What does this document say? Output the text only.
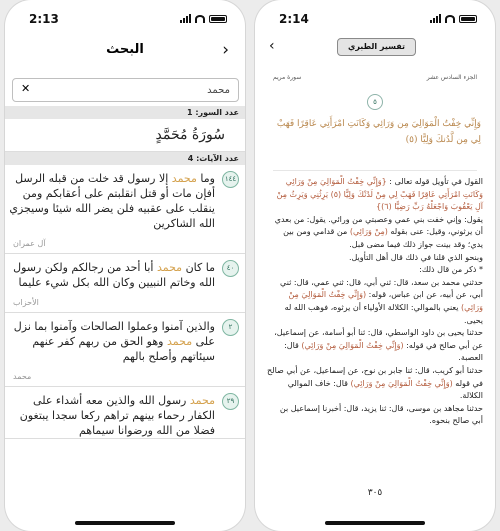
2:13
البحث	›
✕
محمد
عدد السور: 1
سُورَةُ مُحَمَّدٍ
عدد الآيات: 4
١٤٤
وما محمد إلا رسول قد خلت من قبله الرسل أفإن مات أو قتل انقلبتم على أعقابكم ومن ينقلب على عقبيه فلن يضر الله شيئا وسيجزي الله الشاكرين
آل عمران
٤٠
ما كان محمد أبا أحد من رجالكم ولكن رسول الله وخاتم النبيين وكان الله بكل شيء عليما
الأحزاب
٢
والذين آمنوا وعملوا الصالحات وآمنوا بما نزل على محمد وهو الحق من ربهم كفر عنهم سيئاتهم وأصلح بالهم
محمد
٢٩
محمد رسول الله والذين معه أشداء على الكفار رحماء بينهم تراهم ركعا سجدا يبتغون فضلا من الله ورضوانا سيماهم
2:14
‹	تفسير الطبري
سورة مريم	الجزء السادس عشر
٥
وَإِنِّي خِفْتُ الْمَوَالِيَ مِن وَرَائِي وَكَانَتِ امْرَأَتِي عَاقِرًا فَهَبْ لِي مِن لَّدُنكَ وَلِيًّا (٥)
القول في تأويل قوله تعالى : {وَإِنِّي خِفْتُ الْمَوَالِيَ مِنْ وَرَائِي وَكَانَتِ امْرَأَتِي عَاقِرًا فَهَبْ لِي مِنْ لَدُنْكَ وَلِيًّا (٥) يَرِثُنِي وَيَرِثُ مِنْ آلِ يَعْقُوبَ وَاجْعَلْهُ رَبِّ رَضِيًّا (٦)}
يقول: وإني خفت بني عمي وعصبتي من ورائي. يقول: من بعدي أن يرثوني، وقيل: عنى بقوله (مِنْ وَرَائِي) من قدامي ومن بين يدي؛ وقد بينت جواز ذلك فيما مضى قبل.
وبنحو الذي قلنا في ذلك قال أهل التأويل.
* ذكر من قال ذلك:
حدثني محمد بن سعد، قال: ثني أبي، قال: ثني عمي، قال: ثني أبي، عن أبيه، عن ابن عباس، قوله: (وَإِنِّي خِفْتُ الْمَوَالِيَ مِنْ وَرَائِي) يعني بالموالي: الكلالة الأولياء أن يرثوه، فوهب الله له يحيى.
حدثنا يحيى بن داود الواسطي، قال: ثنا أبو أسامة، عن إسماعيل، عن أبي صالح في قوله: (وَإِنِّي خِفْتُ الْمَوَالِيَ مِنْ وَرَائِي) قال: العصبة.
حدثنا أبو كريب، قال: ثنا جابر بن نوح، عن إسماعيل، عن أبي صالح في قوله (وَإِنِّي خِفْتُ الْمَوَالِيَ مِنْ وَرَائِي) قال: خاف الموالي الكلالة.
حدثنا مجاهد بن موسى، قال: ثنا يزيد، قال: أخبرنا إسماعيل بن أبي صالح بنحوه.
٣٠٥
